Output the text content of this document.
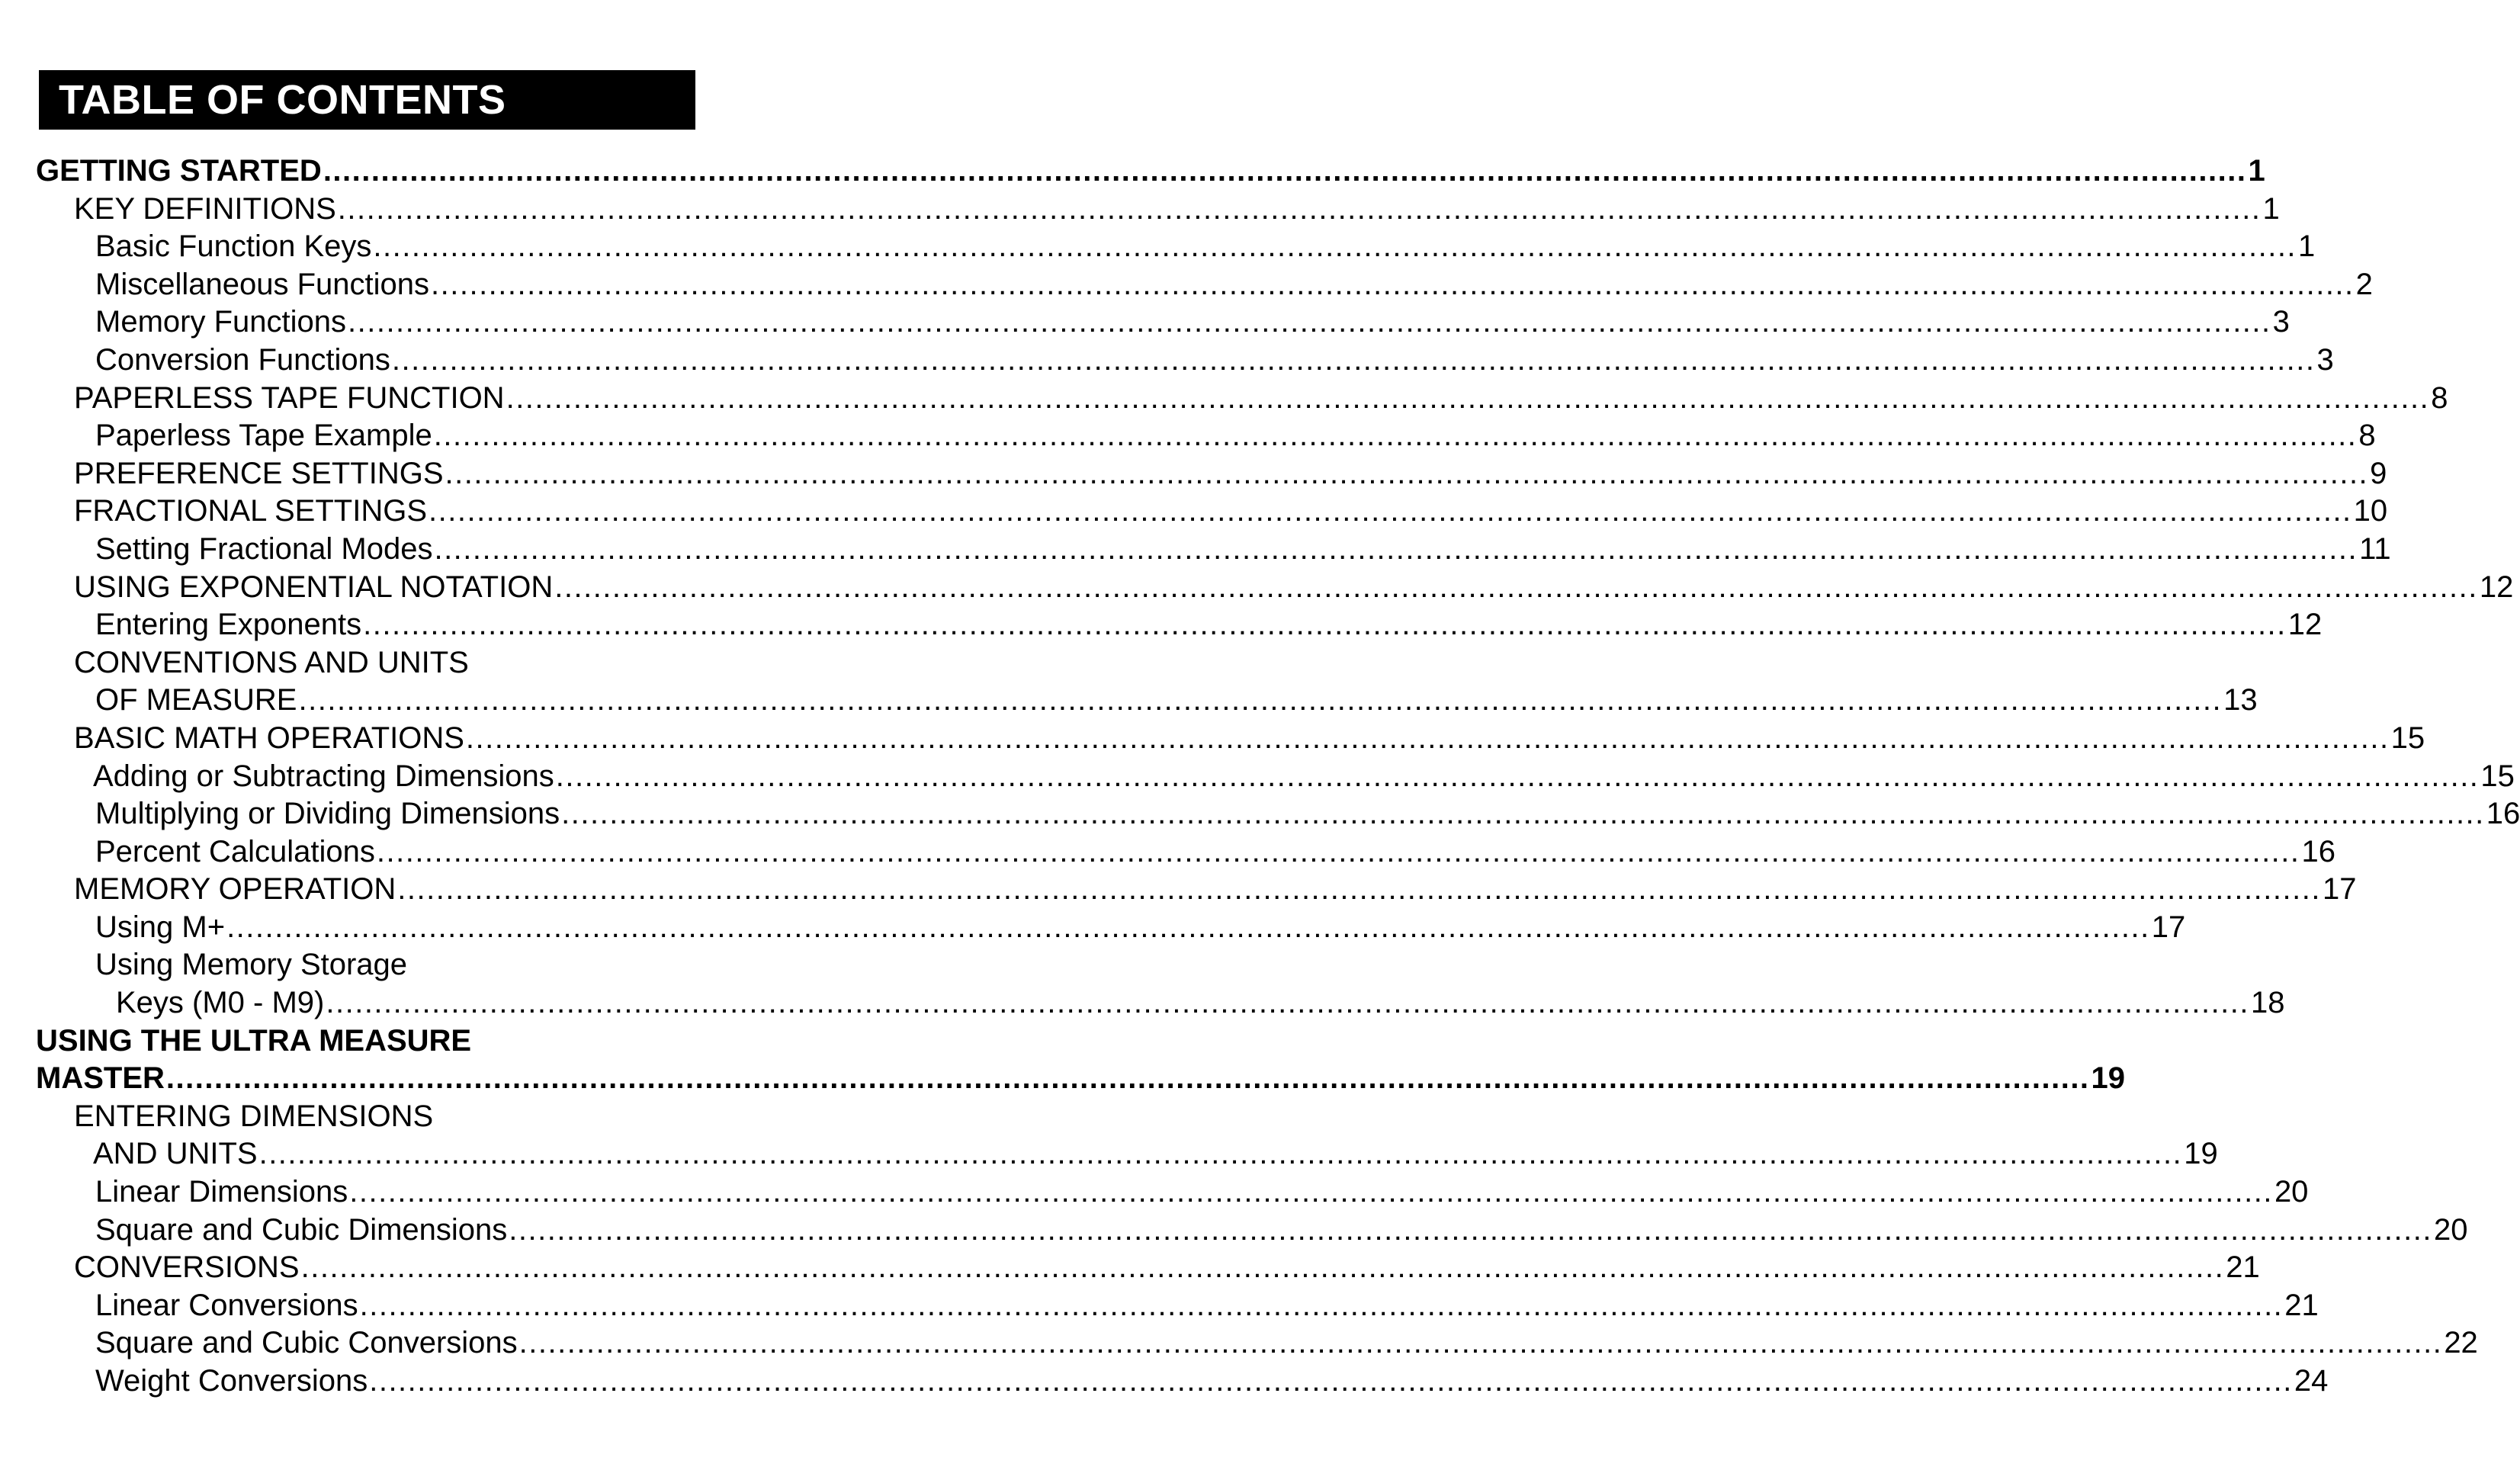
TABLE OF CONTENTS
GETTING STARTED ........................................................................................................................................................................................................ 1
KEY DEFINITIONS ........................................................................................................................................................................................................ 1
Basic Function Keys ........................................................................................................................................................................................................ 1
Miscellaneous Functions ........................................................................................................................................................................................................ 2
Memory Functions ........................................................................................................................................................................................................ 3
Conversion Functions ........................................................................................................................................................................................................ 3
PAPERLESS TAPE FUNCTION ........................................................................................................................................................................................................ 8
Paperless Tape Example ........................................................................................................................................................................................................ 8
PREFERENCE SETTINGS ........................................................................................................................................................................................................ 9
FRACTIONAL SETTINGS ........................................................................................................................................................................................................ 10
Setting Fractional Modes ........................................................................................................................................................................................................ 11
USING EXPONENTIAL NOTATION ........................................................................................................................................................................................................ 12
Entering Exponents ........................................................................................................................................................................................................ 12
CONVENTIONS AND UNITS
OF MEASURE ........................................................................................................................................................................................................ 13
BASIC MATH OPERATIONS ........................................................................................................................................................................................................ 15
Adding or Subtracting Dimensions ........................................................................................................................................................................................................ 15
Multiplying or Dividing Dimensions ........................................................................................................................................................................................................ 16
Percent Calculations ........................................................................................................................................................................................................ 16
MEMORY OPERATION ........................................................................................................................................................................................................ 17
Using M+ ........................................................................................................................................................................................................ 17
Using Memory Storage
Keys (M0 - M9) ........................................................................................................................................................................................................ 18
USING THE ULTRA MEASURE
MASTER ........................................................................................................................................................................................................ 19
ENTERING DIMENSIONS
AND UNITS ........................................................................................................................................................................................................ 19
Linear Dimensions ........................................................................................................................................................................................................ 20
Square and Cubic Dimensions ........................................................................................................................................................................................................ 20
CONVERSIONS ........................................................................................................................................................................................................ 21
Linear Conversions ........................................................................................................................................................................................................ 21
Square and Cubic Conversions ........................................................................................................................................................................................................ 22
Weight Conversions ........................................................................................................................................................................................................ 24
